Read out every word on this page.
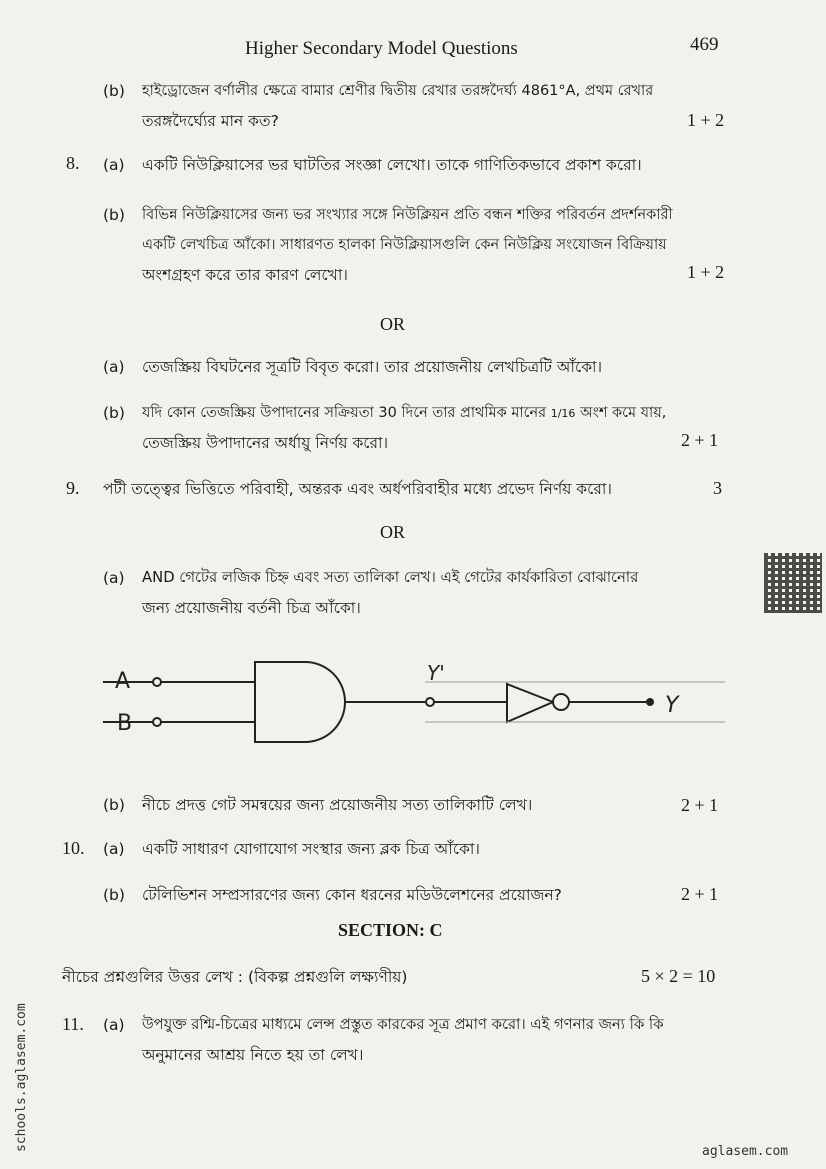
Higher Secondary Model Questions	469
(b) হাইড্রোজেন বর্ণালীর ক্ষেত্রে বামার শ্রেণীর দ্বিতীয় রেখার তরঙ্গদৈর্ঘ্য 4861°A, প্রথম রেখার
তরঙ্গদৈর্ঘ্যের মান কত?	1 + 2
8. (a) একটি নিউক্লিয়াসের ভর ঘাটতির সংজ্ঞা লেখো। তাকে গাণিতিকভাবে প্রকাশ করো।
(b) বিভিন্ন নিউক্লিয়াসের জন্য ভর সংখ্যার সঙ্গে নিউক্লিয়ন প্রতি বন্ধন শক্তির পরিবর্তন প্রদর্শনকারী
একটি লেখচিত্র আঁকো। সাধারণত হালকা নিউক্লিয়াসগুলি কেন নিউক্লিয় সংযোজন বিক্রিয়ায়
অংশগ্রহণ করে তার কারণ লেখো।	1 + 2
OR
(a) তেজস্ক্রিয় বিঘটনের সূত্রটি বিবৃত করো। তার প্রয়োজনীয় লেখচিত্রটি আঁকো।
(b) যদি কোন তেজস্ক্রিয় উপাদানের সক্রিয়তা 30 দিনে তার প্রাথমিক মানের 1/16 অংশ কমে যায়,
তেজস্ক্রিয় উপাদানের অর্ধায়ু নির্ণয় করো।	2 + 1
9. পটী তত্ত্বের ভিত্তিতে পরিবাহী, অন্তরক এবং অর্ধপরিবাহীর মধ্যে প্রভেদ নির্ণয় করো।	3
OR
(a) AND গেটের লজিক চিহ্ন এবং সত্য তালিকা লেখ। এই গেটের কার্যকারিতা বোঝানোর
জন্য প্রয়োজনীয় বর্তনী চিত্র আঁকো।
A
B
Y'
Y
(b) নীচে প্রদত্ত গেট সমন্বয়ের জন্য প্রয়োজনীয় সত্য তালিকাটি লেখ।	2 + 1
10. (a) একটি সাধারণ যোগাযোগ সংস্থার জন্য ব্লক চিত্র আঁকো।
(b) টেলিভিশন সম্প্রসারণের জন্য কোন ধরনের মডিউলেশনের প্রয়োজন?	2 + 1
SECTION: C
নীচের প্রশ্নগুলির উত্তর লেখ : (বিকল্প প্রশ্নগুলি লক্ষ্যণীয়)	5 × 2 = 10
11. (a) উপযুক্ত রশ্মি-চিত্রের মাধ্যমে লেন্স প্রস্তুত কারকের সূত্র প্রমাণ করো। এই গণনার জন্য কি কি
অনুমানের আশ্রয় নিতে হয় তা লেখ।
schools.aglasem.com	aglasem.com
